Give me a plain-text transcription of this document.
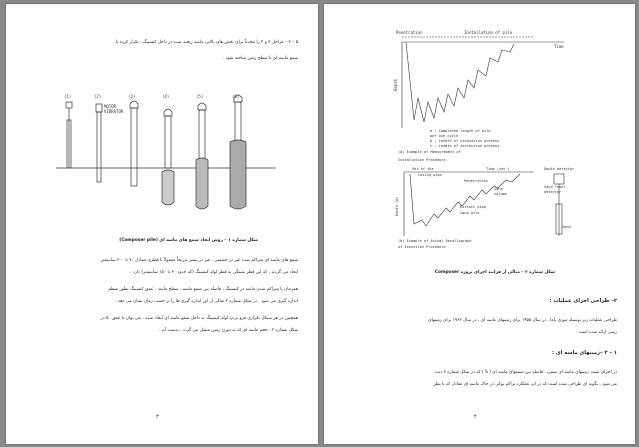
۵ – ۲ – مراحل ۳ و ۴ را مجدداً برای بخش های بالایی ماسه ریخته شده در داخل کیسینگ ، تکرار کرده تا
شمع ماسه ای تا سطح زمین ساخته شود .
(1)	(2)	(3)	(4)	(5)	(6)
MOTOR
VIBRATOR
شکل شماره ۱ – روش ایجاد شمع های ماسه ای (Composer pile)
شمع های ماسه ای متراکم شده غیر در حقیقتی ، غیر در بستر تدریجاً معمولاً با قطری معادل ۷۰ تا ۲۰۰ سانتیمتر
ایجاد می گردند ، که این قطر بستگی به قطر لوله کیسینگ (که حدود ۳۰ تا ۱۵۰ سانتیمتر) دارد .
همزمان با متراکم شدن ماسه در کیسینگ ، فاصله بین شمع ماسه ، سطح ماسه ، عمق کیسینگ بطور منظم
اندازه گیری می شود . در شکل شماره ۲ مثالی از این اندازه گیری ها را بر حسب زمان نشان می دهد .
همچنین در هر سیکل تکراری فرو بردن لوله کیسینگ به داخل شمع ماسه ای ایجاد شده ، می توان تا عمق ۵۰ در
شکل شماره ۲ ، حجم ماسه ای که به دورن زمین منتقل می گردد ، بدست آید .
۳
Penetration	Installation of pile
Time
Depth
a : Completed length of pile
per one cycle
b : Length of excavation process
c : Length of extraction process
(a) Example of Measurement of
Installation Procedure.
Set of the	Time (sec.)	Depth detector
Casing pipe
Penetration
Sand
volume
Sand level
detector
Extract pipe
Sand pile
Sand
Depth (m)
(b) Example of Actual Recollograph
of Execution Procedure
شکل شماره ۲ – مثالی از فرایند اجرای پروژه Composer
۲– طراحی اجرای عملیات :
طراحی عملیات زیر بوسیله موری یاما ، در سال ۱۹۵۸ برای زمینهای ماسه ای ، در سال ۱۹۶۲ برای زمینهای
رسی ارائه شده است .
۱ – ۲ –زمینهای ماسه ای :
در اجرای تثبیت زمینهای ماسه ای بستی ، فاصله بین شمعهای ماسه ای ( S ) که در شکل شماره ۳ دیده
می شود ، بگونه ای طراحی شده است که در اثر عملکرد تراکم یوکی در حاک ماسه ای معادل که با نظر
۴
